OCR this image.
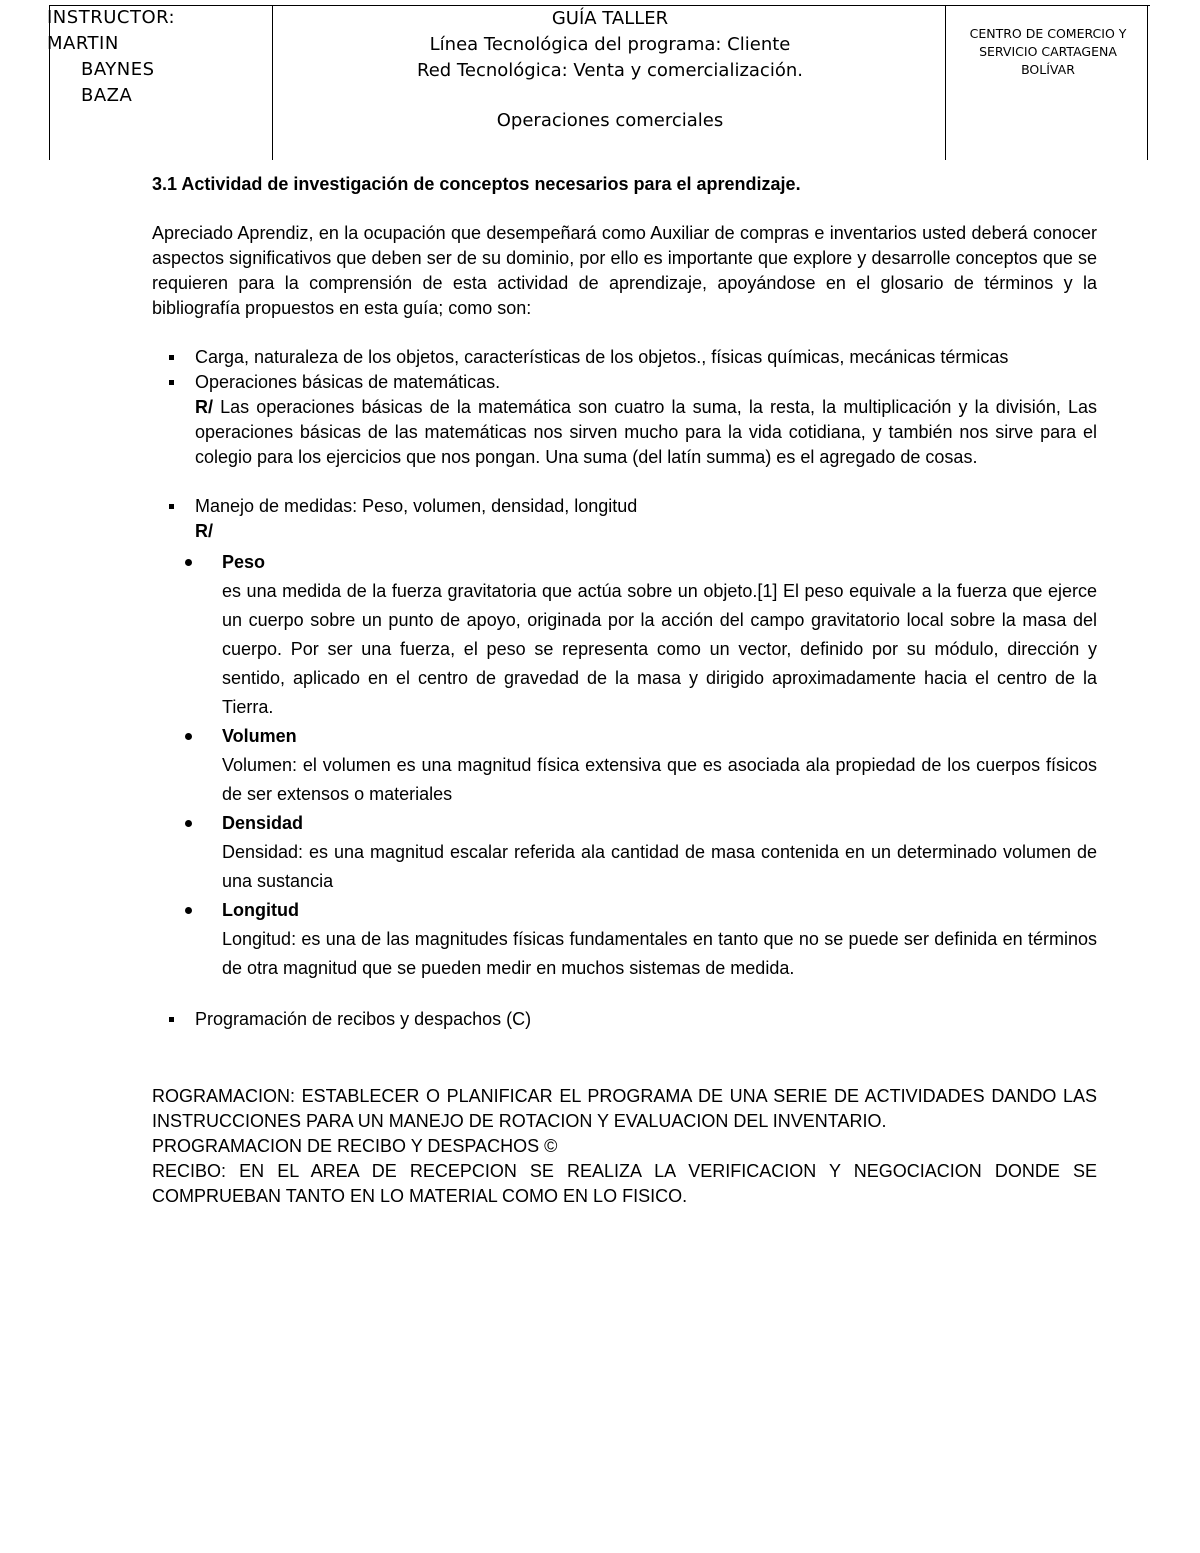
INSTRUCTOR:
MARTIN

BAYNES
BAZA
GUÍA TALLER
Línea Tecnológica del programa: Cliente
Red Tecnológica: Venta y comercialización.
Operaciones comerciales
CENTRO DE COMERCIO Y
SERVICIO CARTAGENA
BOLÍVAR
3.1 Actividad de investigación de conceptos necesarios para el aprendizaje.
Apreciado Aprendiz, en la ocupación que desempeñará como Auxiliar de compras e inventarios usted deberá conocer aspectos significativos que deben ser de su dominio, por ello es importante que explore y desarrolle conceptos que se requieren para la comprensión de esta actividad de aprendizaje, apoyándose en el glosario de términos y la bibliografía propuestos en esta guía; como son:
Carga, naturaleza de los objetos, características de los objetos., físicas químicas, mecánicas térmicas
Operaciones básicas de matemáticas.
R/ Las operaciones básicas de la matemática son cuatro la suma, la resta, la multiplicación y la división, Las operaciones básicas de las matemáticas nos sirven mucho para la vida cotidiana, y también nos sirve para el colegio para los ejercicios que nos pongan. Una suma (del latín summa) es el agregado de cosas.
Manejo de medidas: Peso, volumen, densidad, longitud
R/
Peso
es una medida de la fuerza gravitatoria que actúa sobre un objeto.[1] El peso equivale a la fuerza que ejerce un cuerpo sobre un punto de apoyo, originada por la acción del campo gravitatorio local sobre la masa del cuerpo. Por ser una fuerza, el peso se representa como un vector, definido por su módulo, dirección y sentido, aplicado en el centro de gravedad de la masa y dirigido aproximadamente hacia el centro de la Tierra.
Volumen
Volumen: el volumen es una magnitud física extensiva que es asociada ala propiedad de los cuerpos físicos de ser extensos o materiales
Densidad
Densidad: es una magnitud escalar referida ala cantidad de masa contenida en un determinado volumen de una sustancia
Longitud
Longitud: es una de las magnitudes físicas fundamentales en tanto que no se puede ser definida en términos de otra magnitud que se pueden medir en muchos sistemas de medida.
Programación de recibos y despachos (C)
ROGRAMACION: ESTABLECER O PLANIFICAR EL PROGRAMA DE UNA SERIE DE ACTIVIDADES DANDO LAS INSTRUCCIONES PARA UN MANEJO DE ROTACION Y EVALUACION DEL INVENTARIO.
PROGRAMACION DE RECIBO Y DESPACHOS ©
RECIBO: EN EL AREA DE RECEPCION SE REALIZA LA VERIFICACION Y NEGOCIACION DONDE SE COMPRUEBAN TANTO EN LO MATERIAL COMO EN LO FISICO.
